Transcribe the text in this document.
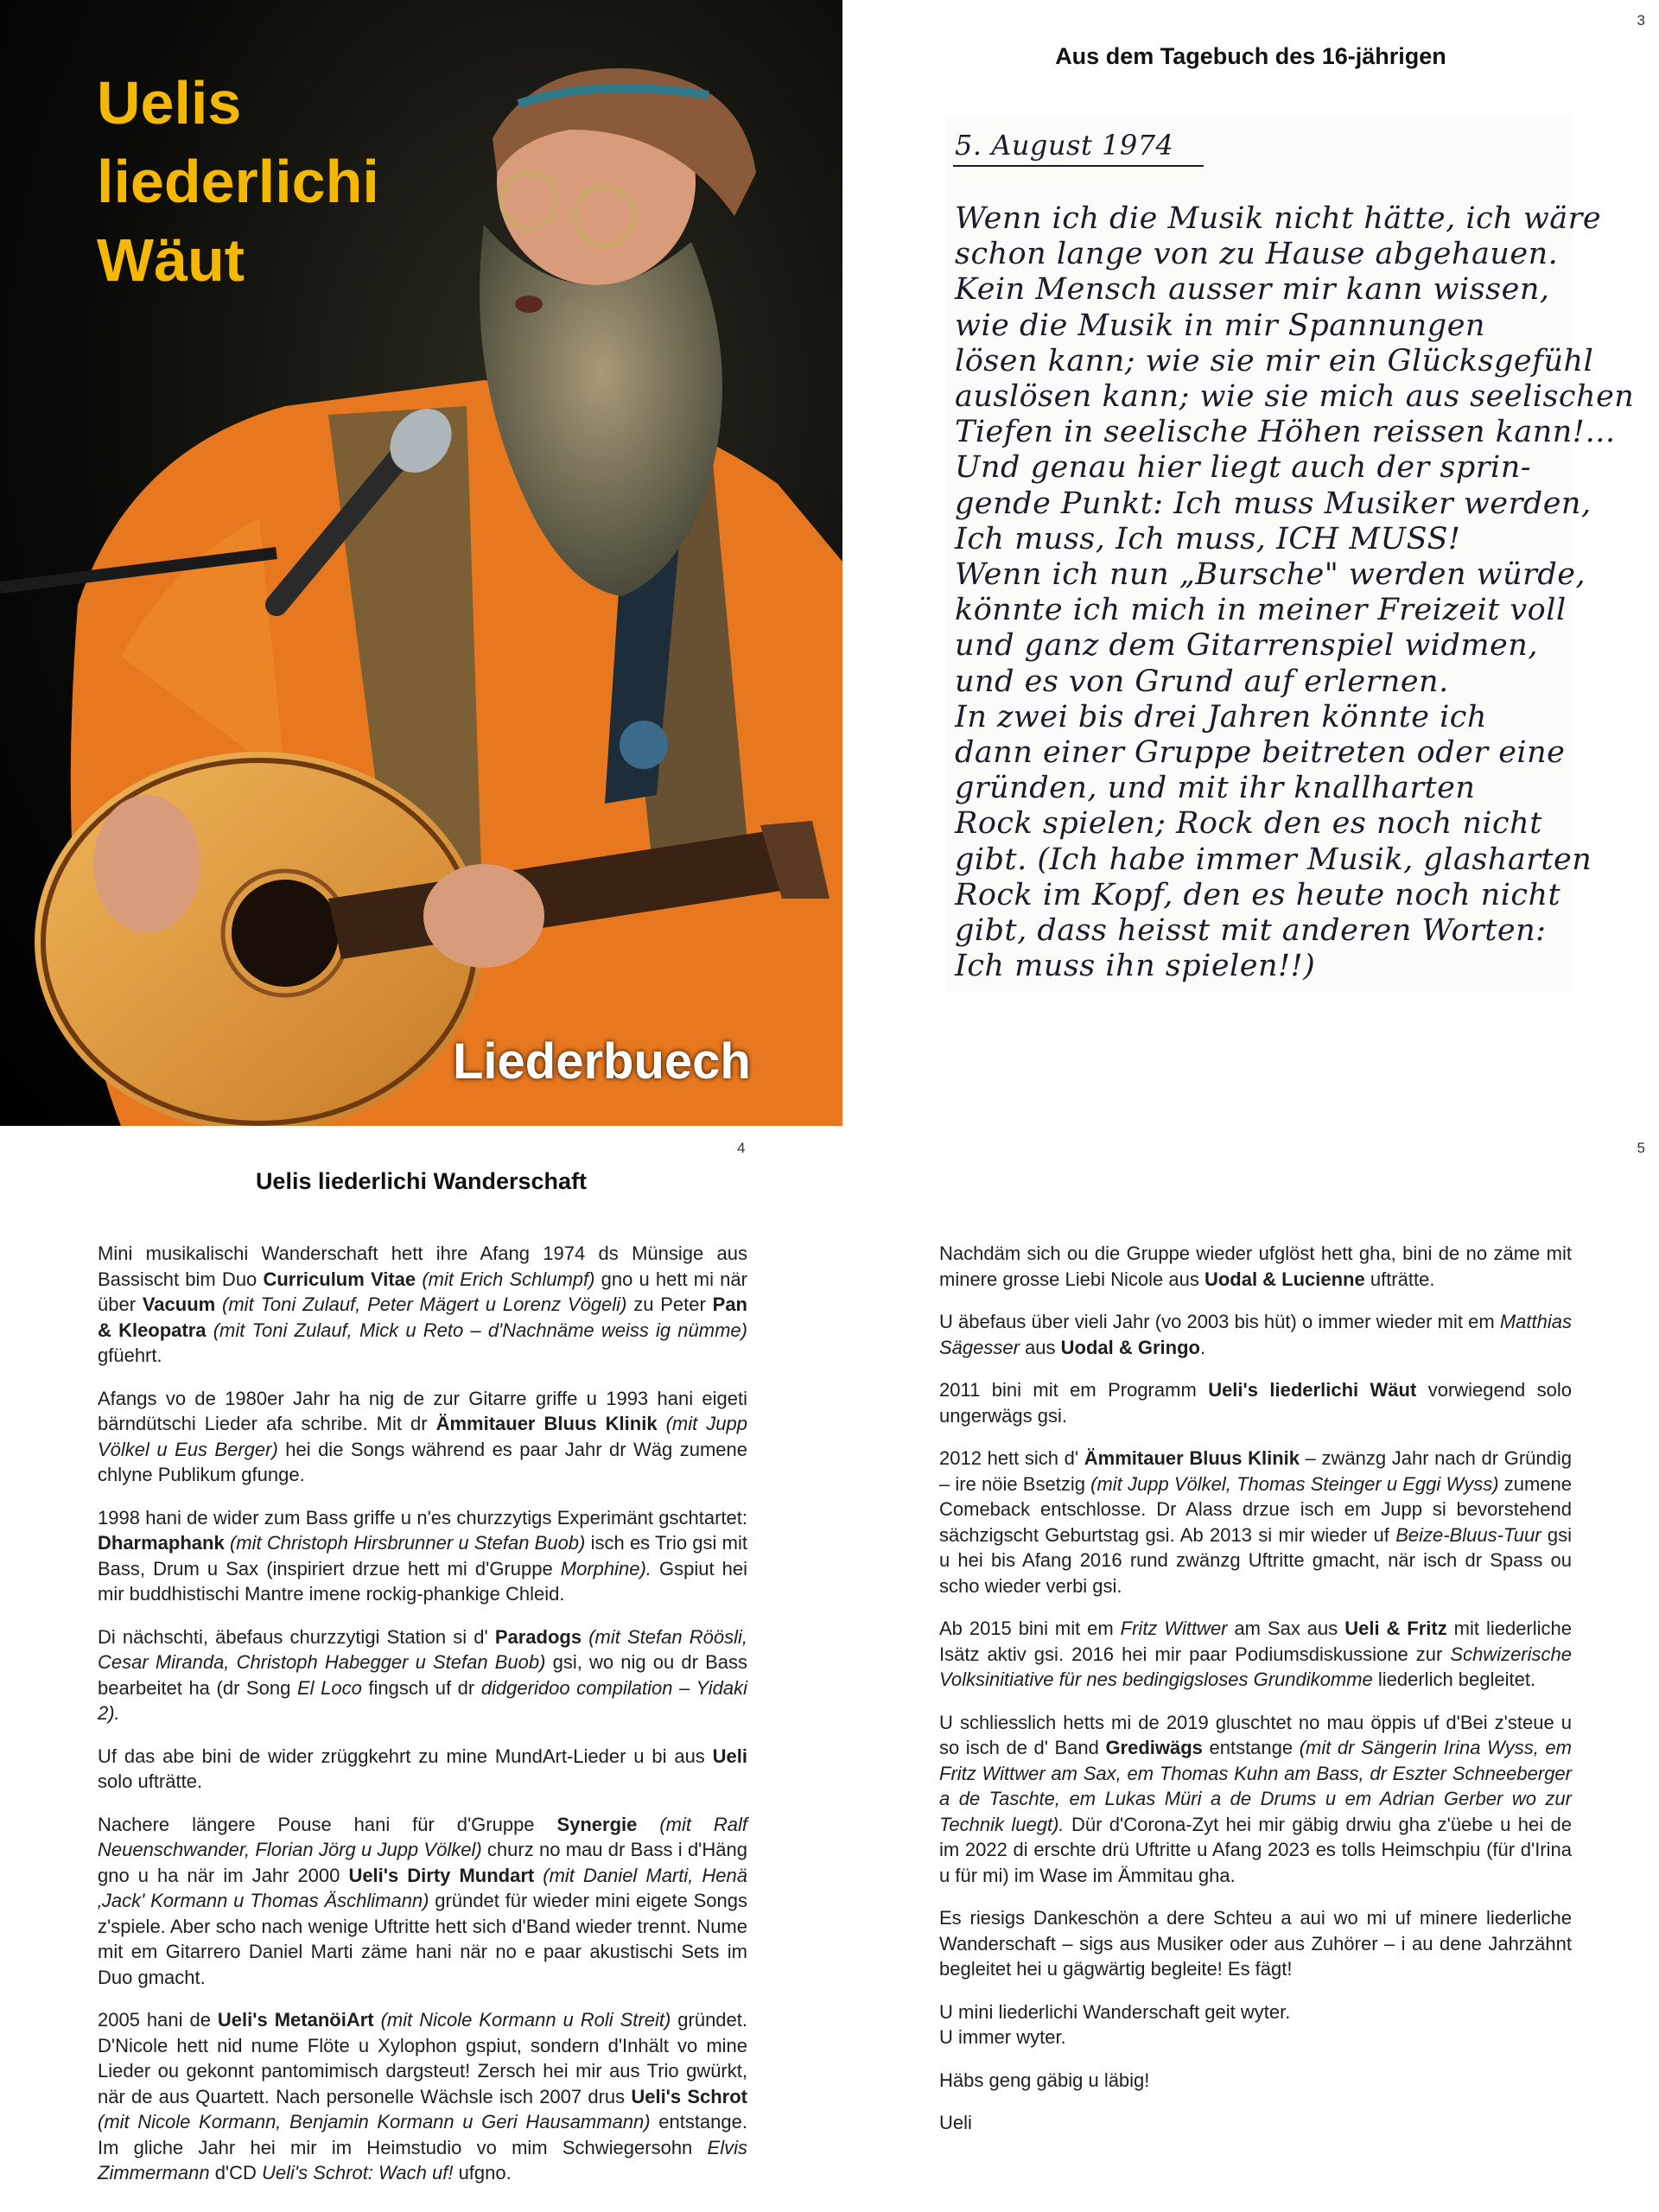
Uelis
liederlichi
Wäut
Liederbuech
3
Aus dem Tagebuch des 16-jährigen
5. August 1974
Wenn ich die Musik nicht hätte, ich wäre
schon lange von zu Hause abgehauen.
Kein Mensch ausser mir kann wissen,
wie die Musik in mir Spannungen
lösen kann; wie sie mir ein Glücksgefühl
auslösen kann; wie sie mich aus seelischen
Tiefen in seelische Höhen reissen kann!…
Und genau hier liegt auch der sprin-
gende Punkt: Ich muss Musiker werden,
Ich muss, Ich muss, ICH MUSS!
Wenn ich nun „Bursche" werden würde,
könnte ich mich in meiner Freizeit voll
und ganz dem Gitarrenspiel widmen,
und es von Grund auf erlernen.
In zwei bis drei Jahren könnte ich
dann einer Gruppe beitreten oder eine
gründen, und mit ihr knallharten
Rock spielen; Rock den es noch nicht
gibt. (Ich habe immer Musik, glasharten
Rock im Kopf, den es heute noch nicht
gibt, dass heisst mit anderen Worten:
Ich muss ihn spielen!!)
4
Uelis liederlichi Wanderschaft

Mini musikalischi Wanderschaft hett ihre Afang 1974 ds Münsige aus Bassischt bim Duo Curriculum Vitae (mit Erich Schlumpf) gno u hett mi när über Vacuum (mit Toni Zulauf, Peter Mägert u Lorenz Vögeli) zu Peter Pan & Kleopatra (mit Toni Zulauf, Mick u Reto – d'Nachnäme weiss ig nümme) gfüehrt.

Afangs vo de 1980er Jahr ha nig de zur Gitarre griffe u 1993 hani eigeti bärndütschi Lieder afa schribe. Mit dr Ämmitauer Bluus Klinik (mit Jupp Völkel u Eus Berger) hei die Songs während es paar Jahr dr Wäg zumene chlyne Publikum gfunge.

1998 hani de wider zum Bass griffe u n'es churzzytigs Experimänt gschtartet: Dharmaphank (mit Christoph Hirsbrunner u Stefan Buob) isch es Trio gsi mit Bass, Drum u Sax (inspiriert drzue hett mi d'Gruppe Morphine). Gspiut hei mir buddhistischi Mantre imene rockig-phankige Chleid.

Di nächschti, äbefaus churzzytigi Station si d' Paradogs (mit Stefan Röösli, Cesar Miranda, Christoph Habegger u Stefan Buob) gsi, wo nig ou dr Bass bearbeitet ha (dr Song El Loco fingsch uf dr didgeridoo compilation – Yidaki 2).

Uf das abe bini de wider zrüggkehrt zu mine MundArt-Lieder u bi aus Ueli solo ufträtte.

Nachere längere Pouse hani für d'Gruppe Synergie (mit Ralf Neuenschwander, Florian Jörg u Jupp Völkel) churz no mau dr Bass i d'Häng gno u ha när im Jahr 2000 Ueli's Dirty Mundart (mit Daniel Marti, Henä ‚Jack' Kormann u Thomas Äschlimann) gründet für wieder mini eigete Songs z'spiele. Aber scho nach wenige Uftritte hett sich d'Band wieder trennt. Nume mit em Gitarrero Daniel Marti zäme hani när no e paar akustischi Sets im Duo gmacht.

2005 hani de Ueli's MetanöiArt (mit Nicole Kormann u Roli Streit) gründet. D'Nicole hett nid nume Flöte u Xylophon gspiut, sondern d'Inhält vo mine Lieder ou gekonnt pantomimisch dargsteut! Zersch hei mir aus Trio gwürkt, när de aus Quartett. Nach personelle Wächsle isch 2007 drus Ueli's Schrot (mit Nicole Kormann, Benjamin Kormann u Geri Hausammann) entstange. Im gliche Jahr hei mir im Heimstudio vo mim Schwiegersohn Elvis Zimmermann d'CD Ueli's Schrot: Wach uf! ufgno.

5

Nachdäm sich ou die Gruppe wieder ufglöst hett gha, bini de no zäme mit minere grosse Liebi Nicole aus Uodal & Lucienne ufträtte.

U äbefaus über vieli Jahr (vo 2003 bis hüt) o immer wieder mit em Matthias Sägesser aus Uodal & Gringo.

2011 bini mit em Programm Ueli's liederlichi Wäut vorwiegend solo ungerwägs gsi.

2012 hett sich d' Ämmitauer Bluus Klinik – zwänzg Jahr nach dr Gründig – ire nöie Bsetzig (mit Jupp Völkel, Thomas Steinger u Eggi Wyss) zumene Comeback entschlosse. Dr Alass drzue isch em Jupp si bevorstehend sächzigscht Geburtstag gsi. Ab 2013 si mir wieder uf Beize-Bluus-Tuur gsi u hei bis Afang 2016 rund zwänzg Uftritte gmacht, när isch dr Spass ou scho wieder verbi gsi.

Ab 2015 bini mit em Fritz Wittwer am Sax aus Ueli & Fritz mit liederliche Isätz aktiv gsi. 2016 hei mir paar Podiumsdiskussione zur Schwizerische Volksinitiative für nes bedingigsloses Grundikomme liederlich begleitet.

U schliesslich hetts mi de 2019 gluschtet no mau öppis uf d'Bei z'steue u so isch de d' Band Grediwägs entstange (mit dr Sängerin Irina Wyss, em Fritz Wittwer am Sax, em Thomas Kuhn am Bass, dr Eszter Schneeberger a de Taschte, em Lukas Müri a de Drums u em Adrian Gerber wo zur Technik luegt). Dür d'Corona-Zyt hei mir gäbig drwiu gha z'üebe u hei de im 2022 di erschte drü Uftritte u Afang 2023 es tolls Heimschpiu (für d'Irina u für mi) im Wase im Ämmitau gha.

Es riesigs Dankeschön a dere Schteu a aui wo mi uf minere liederliche Wanderschaft – sigs aus Musiker oder aus Zuhörer – i au dene Jahrzähnt begleitet hei u gägwärtig begleite! Es fägt!

U mini liederlichi Wanderschaft geit wyter.
U immer wyter.

Häbs geng gäbig u läbig!

Ueli
